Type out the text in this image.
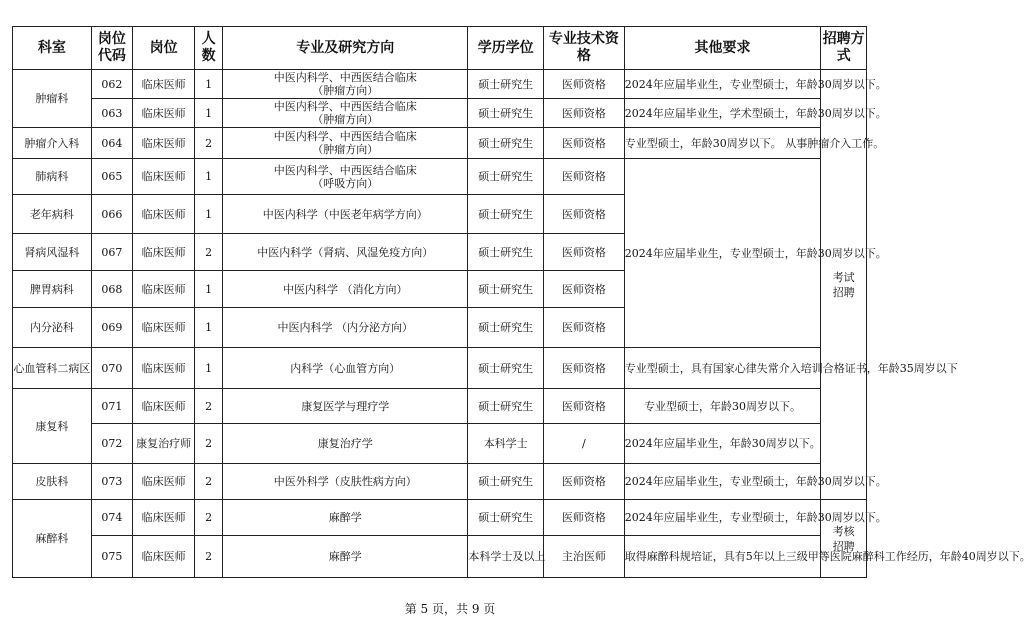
科室	岗位代码	岗位	人数	专业及研究方向	学历学位	专业技术资格	其他要求	招聘方式
肿瘤科	062	临床医师	1	中医内科学、中西医结合临床
（肿瘤方向）	硕士研究生	医师资格	2024年应届毕业生，专业型硕士，年龄30周岁以下。	考试招聘

	063	临床医师	1	中医内科学、中西医结合临床
（肿瘤方向）	硕士研究生	医师资格	2024年应届毕业生，学术型硕士，年龄30周岁以下。	
肿瘤介入科	064	临床医师	2	中医内科学、中西医结合临床
（肿瘤方向）	硕士研究生	医师资格	专业型硕士，年龄30周岁以下。 从事肿瘤介入工作。	
肺病科	065	临床医师	1	中医内科学、中西医结合临床
（呼吸方向）	硕士研究生	医师资格	2024年应届毕业生，专业型硕士，年龄30周岁以下。	
老年病科	066	临床医师	1	中医内科学（中医老年病学方向）	硕士研究生	医师资格		
肾病风湿科	067	临床医师	2	中医内科学（肾病、风湿免疫方向）	硕士研究生	医师资格		
脾胃病科	068	临床医师	1	中医内科学 （消化方向）	硕士研究生	医师资格		
内分泌科	069	临床医师	1	中医内科学 （内分泌方向）	硕士研究生	医师资格		
心血管科二病区	070	临床医师	1	内科学（心血管方向）	硕士研究生	医师资格	专业型硕士，具有国家心律失常介入培训合格证书，年龄35周岁以下	
康复科	071	临床医师	2	康复医学与理疗学	硕士研究生	医师资格	专业型硕士，年龄30周岁以下。	
	072	康复治疗师	2	康复治疗学	本科学士	/	2024年应届毕业生，年龄30周岁以下。	
皮肤科	073	临床医师	2	中医外科学（皮肤性病方向）	硕士研究生	医师资格	2024年应届毕业生，专业型硕士，年龄30周岁以下。	
麻醉科	074	临床医师	2	麻醉学	硕士研究生	医师资格	2024年应届毕业生，专业型硕士，年龄30周岁以下。	考核招聘

	075	临床医师	2	麻醉学	本科学士及以上	主治医师	取得麻醉科规培证，具有5年以上三级甲等医院麻醉科工作经历，年龄40周岁以下。	
第 5 页，共 9 页
